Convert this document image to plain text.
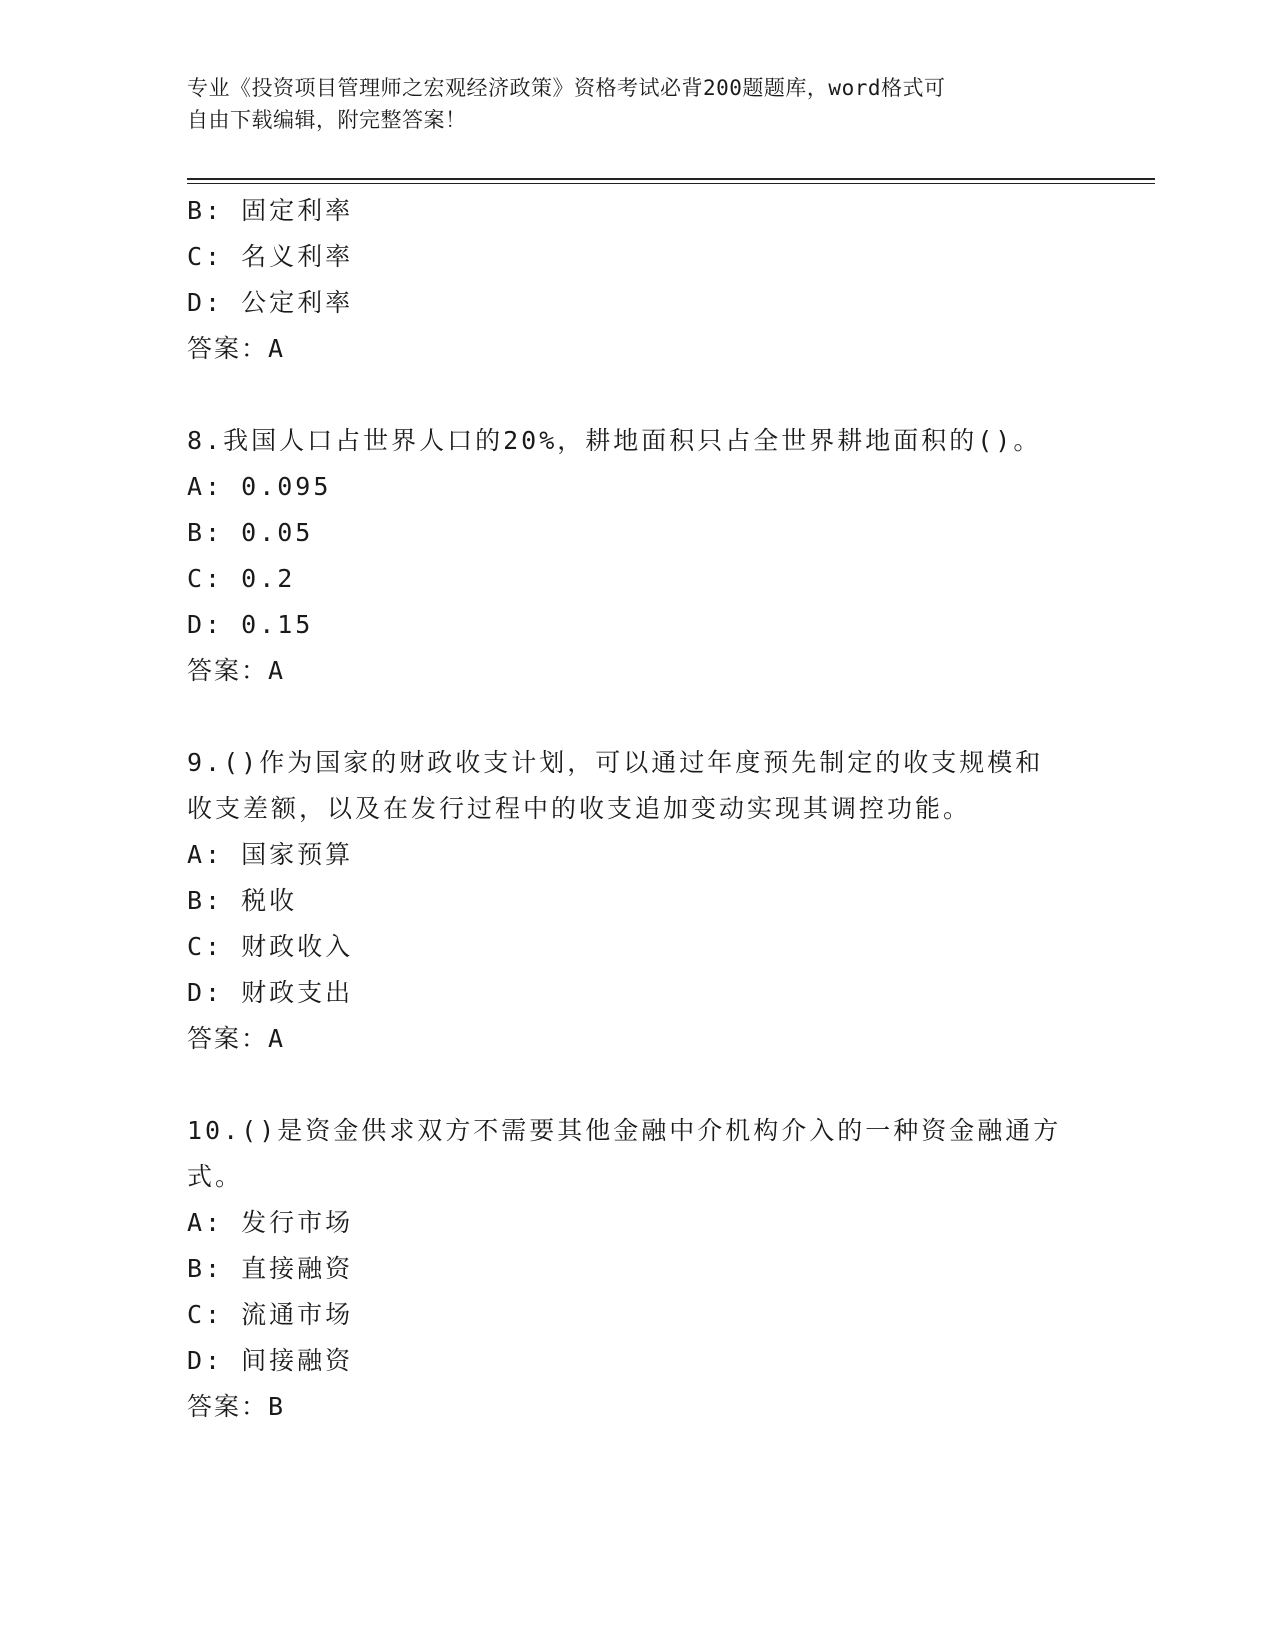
专业《投资项目管理师之宏观经济政策》资格考试必背200题题库，word格式可
自由下载编辑，附完整答案！
B: 固定利率
C: 名义利率
D: 公定利率
答案：A
8.我国人口占世界人口的20%，耕地面积只占全世界耕地面积的()。
A: 0.095
B: 0.05
C: 0.2
D: 0.15
答案：A
9.()作为国家的财政收支计划，可以通过年度预先制定的收支规模和
收支差额，以及在发行过程中的收支追加变动实现其调控功能。
A: 国家预算
B: 税收
C: 财政收入
D: 财政支出
答案：A
10.()是资金供求双方不需要其他金融中介机构介入的一种资金融通方
式。
A: 发行市场
B: 直接融资
C: 流通市场
D: 间接融资
答案：B
